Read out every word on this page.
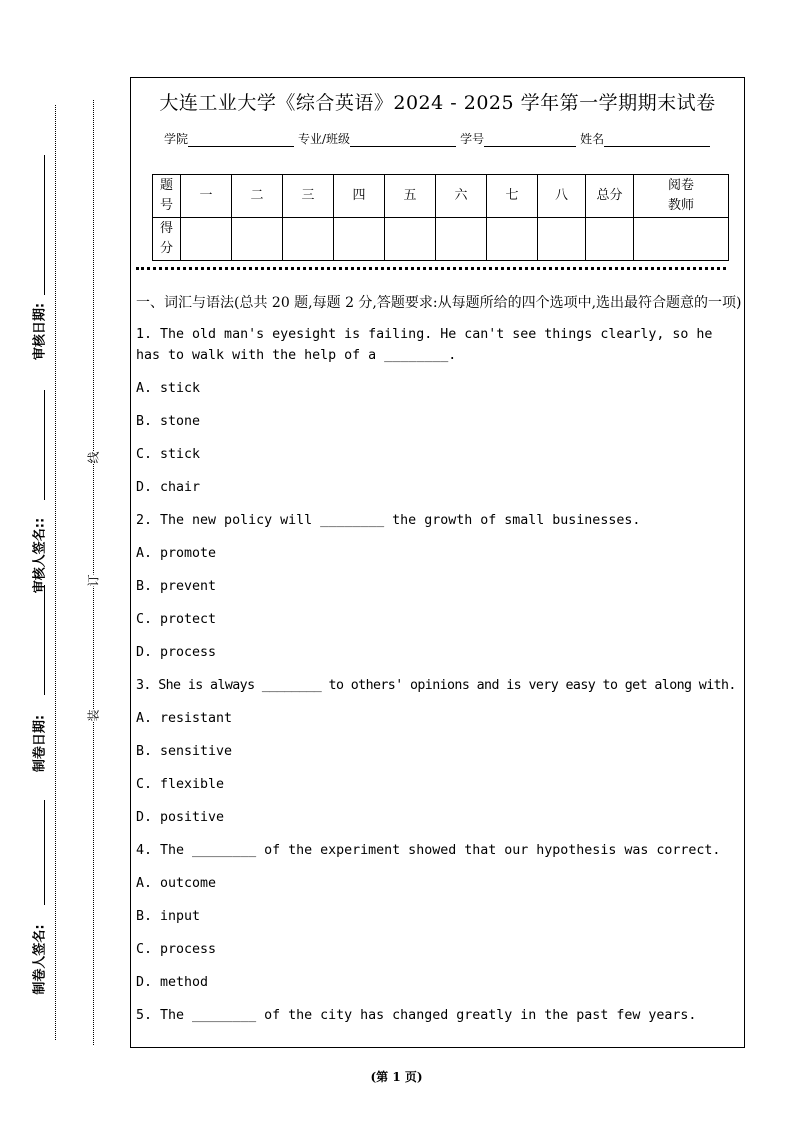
审核日期:
审核人签名::
制卷日期:
制卷人签名:
装
订
线
大连工业大学《综合英语》2024 - 2025 学年第一学期期末试卷
学院	专业/班级	学号	姓名
题号	一	二	三	四	五	六	七	八	总分	阅卷教师
得分										

一、词汇与语法(总共 20 题,每题 2 分,答题要求:从每题所给的四个选项中,选出最符合题意的一项)

1. The old man's eyesight is failing. He can't see things clearly, so he has to walk with the help of a ________.

A. stick

B. stone

C. stick

D. chair

2. The new policy will ________ the growth of small businesses.

A. promote

B. prevent

C. protect

D. process

3. She is always ________ to others' opinions and is very easy to get along with.

A. resistant

B. sensitive

C. flexible

D. positive

4. The ________ of the experiment showed that our hypothesis was correct.

A. outcome

B. input

C. process

D. method

5. The ________ of the city has changed greatly in the past few years.

(第 1 页)
